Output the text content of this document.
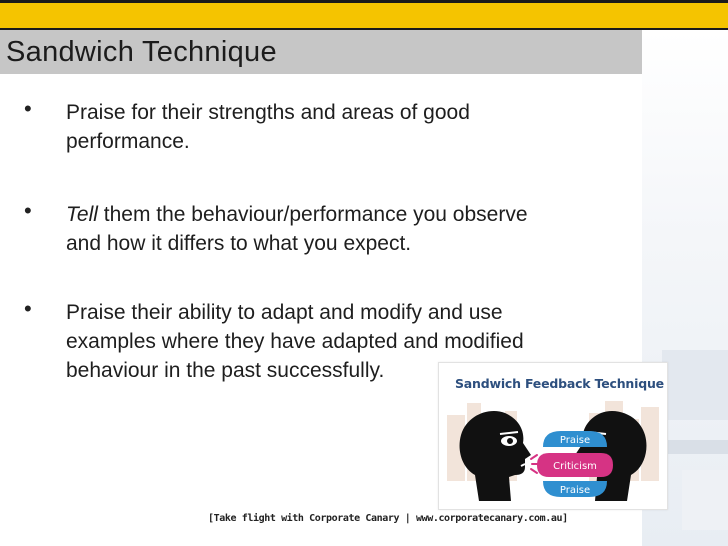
Sandwich Technique
• Praise for their strengths and areas of good
performance.
• Tell them the behaviour/performance you observe
and how it differs to what you expect.
• Praise their ability to adapt and modify and use
examples where they have adapted and modified
behaviour in the past successfully.
Sandwich Feedback Technique
Praise
Criticism
Praise
[Take flight with Corporate Canary | www.corporatecanary.com.au]
